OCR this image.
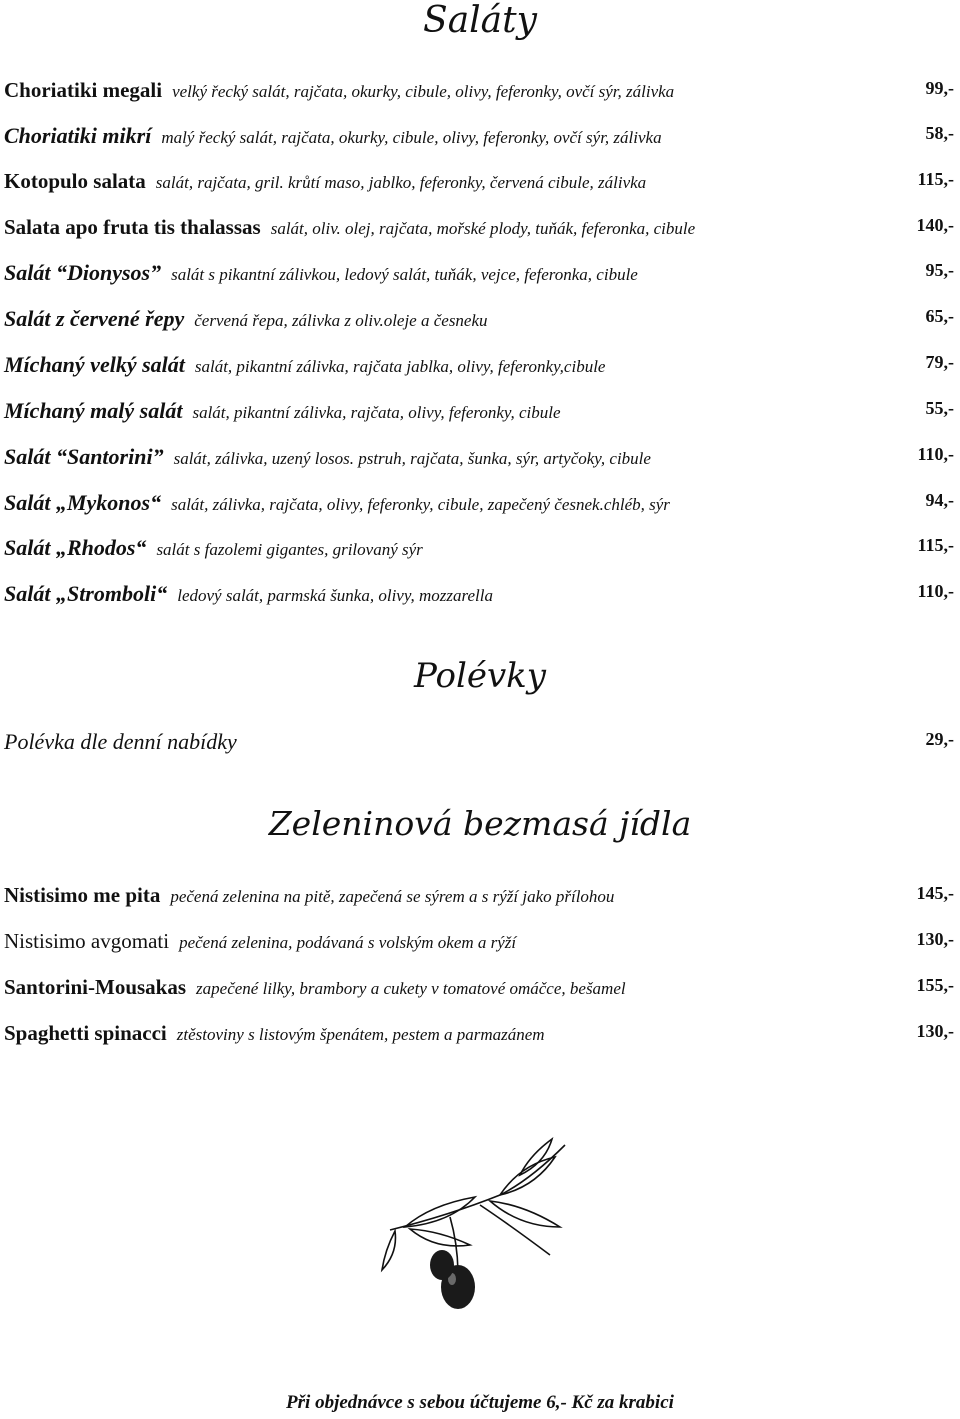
Saláty
Choriatiki megali velký řecký salát, rajčata, okurky, cibule, olivy, feferonky, ovčí sýr, zálivka	99,-
Choriatiki mikrí malý řecký salát, rajčata, okurky, cibule, olivy, feferonky, ovčí sýr, zálivka	58,-
Kotopulo salata salát, rajčata, gril. krůtí maso, jablko, feferonky, červená cibule, zálivka	115,-
Salata apo fruta tis thalassas salát, oliv. olej, rajčata, mořské plody, tuňák, feferonka, cibule	140,-
Salát “Dionysos” salát s pikantní zálivkou, ledový salát, tuňák, vejce, feferonka, cibule	95,-
Salát z červené řepy červená řepa, zálivka z oliv.oleje a česneku	65,-
Míchaný velký salát salát, pikantní zálivka, rajčata jablka, olivy, feferonky,cibule	79,-
Míchaný malý salát salát, pikantní zálivka, rajčata, olivy, feferonky, cibule	55,-
Salát “Santorini” salát, zálivka, uzený losos. pstruh, rajčata, šunka, sýr, artyčoky, cibule	110,-
Salát „Mykonos“ salát, zálivka, rajčata, olivy, feferonky, cibule, zapečený česnek.chléb, sýr	94,-
Salát „Rhodos“ salát s fazolemi gigantes, grilovaný sýr	115,-
Salát „Stromboli“ ledový salát, parmská šunka, olivy, mozzarella	110,-
Polévky
Polévka dle denní nabídky	29,-
Zeleninová bezmasá jídla
Nistisimo me pita pečená zelenina na pitě, zapečená se sýrem a s rýží jako přílohou	145,-
Nistisimo avgomati pečená zelenina, podávaná s volským okem a rýží	130,-
Santorini-Mousakas zapečené lilky, brambory a cukety v tomatové omáčce, bešamel	155,-
Spaghetti spinacci ztěstoviny s listovým špenátem, pestem a parmazánem	130,-
Při objednávce s sebou účtujeme 6,- Kč za krabici
